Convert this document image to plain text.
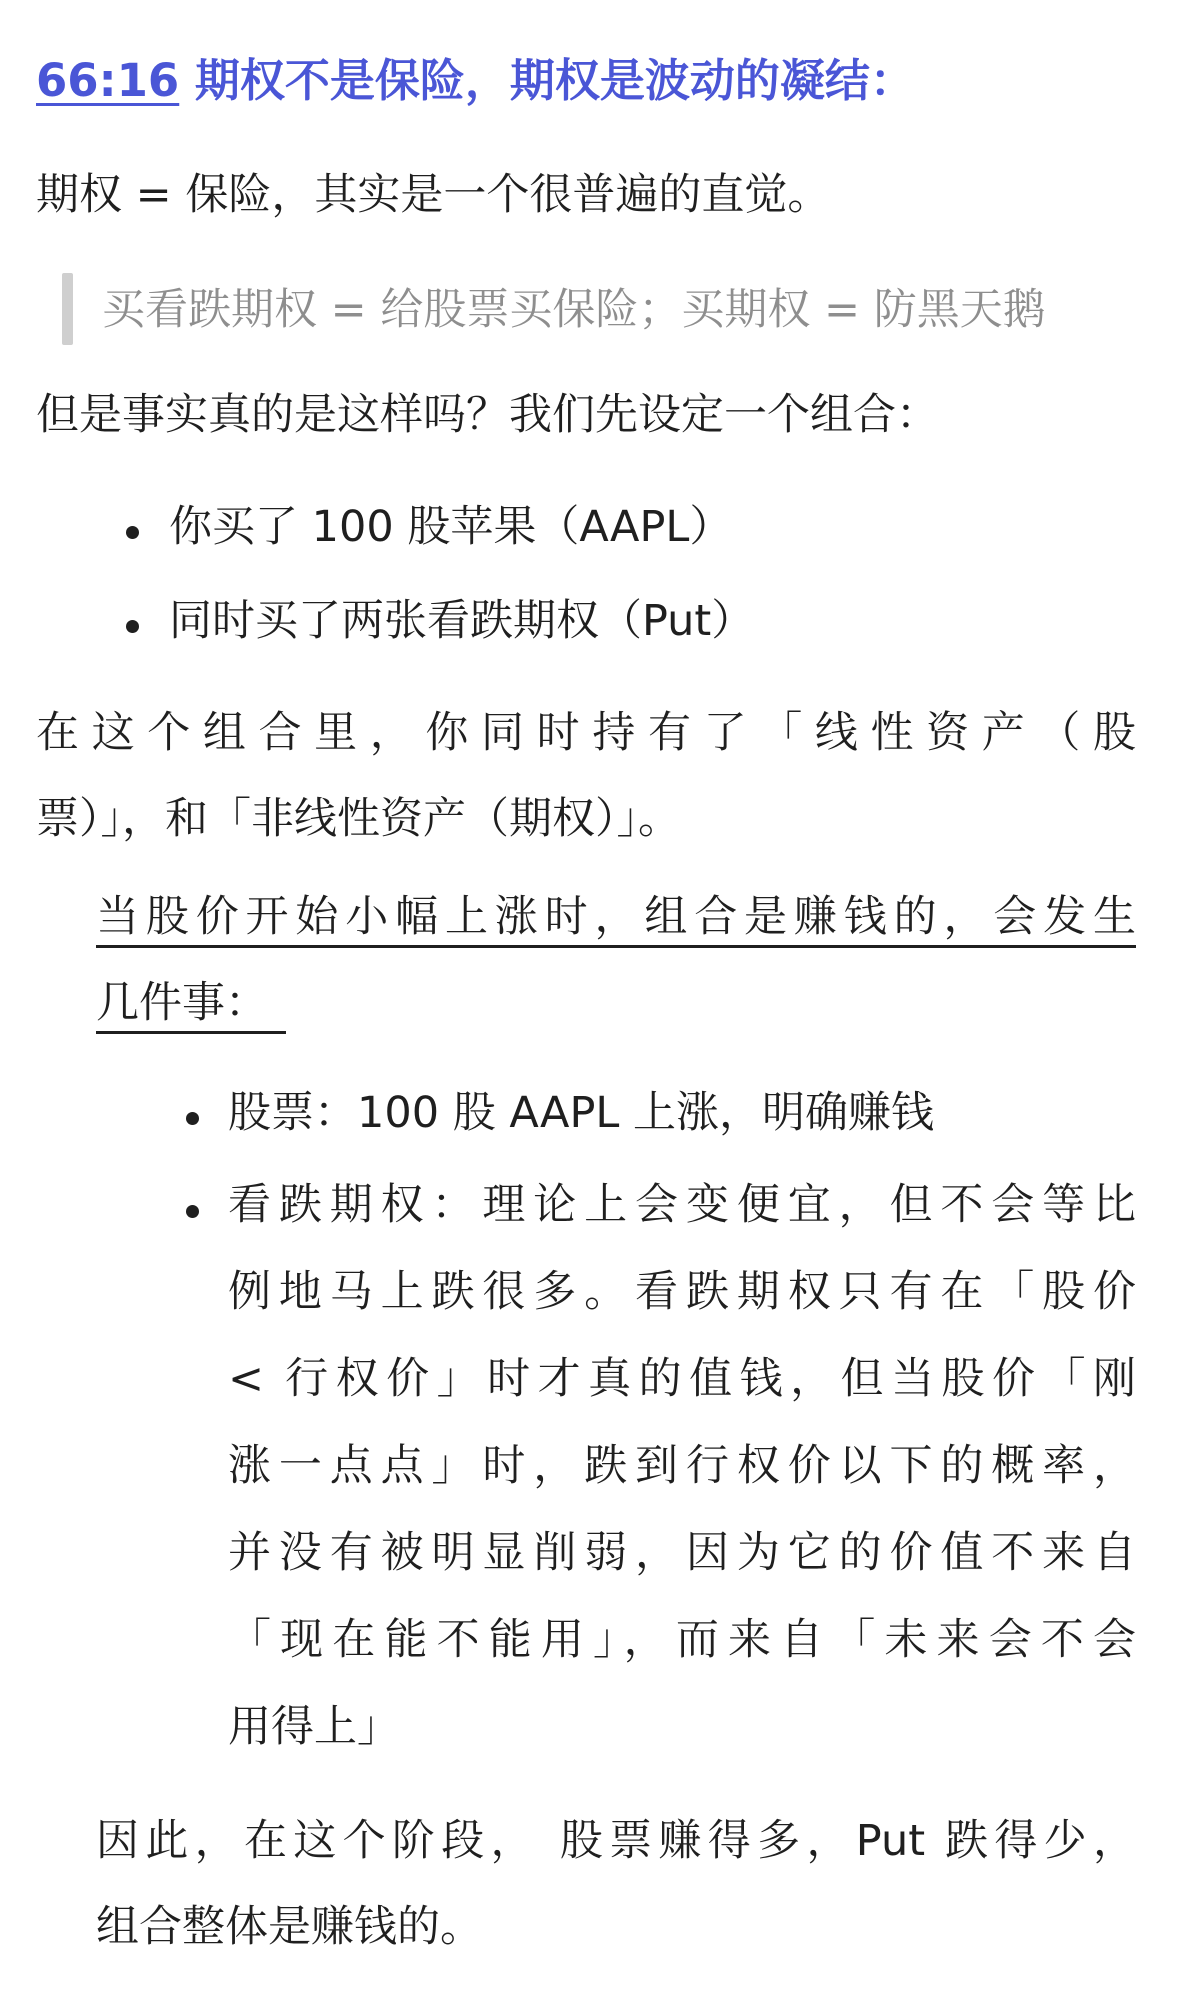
66:16 期权不是保险，期权是波动的凝结：
期权 = 保险，其实是一个很普遍的直觉。
买看跌期权 = 给股票买保险；买期权 = 防黑天鹅
但是事实真的是这样吗？我们先设定一个组合：
你买了 100 股苹果（AAPL）
同时买了两张看跌期权（Put）
在这个组合里，你同时持有了「线性资产（股
票）」，和「非线性资产（期权）」。
当股价开始小幅上涨时，组合是赚钱的，会发生
几件事：
股票：100 股 AAPL 上涨，明确赚钱
看跌期权：理论上会变便宜，但不会等比
例地马上跌很多。看跌期权只有在「股价
< 行权价」时才真的值钱，但当股价「刚
涨一点点」时，跌到行权价以下的概率，
并没有被明显削弱，因为它的价值不来自
「现在能不能用」，而来自「未来会不会
用得上」
因此，在这个阶段， 股票赚得多，Put 跌得少，
组合整体是赚钱的。
